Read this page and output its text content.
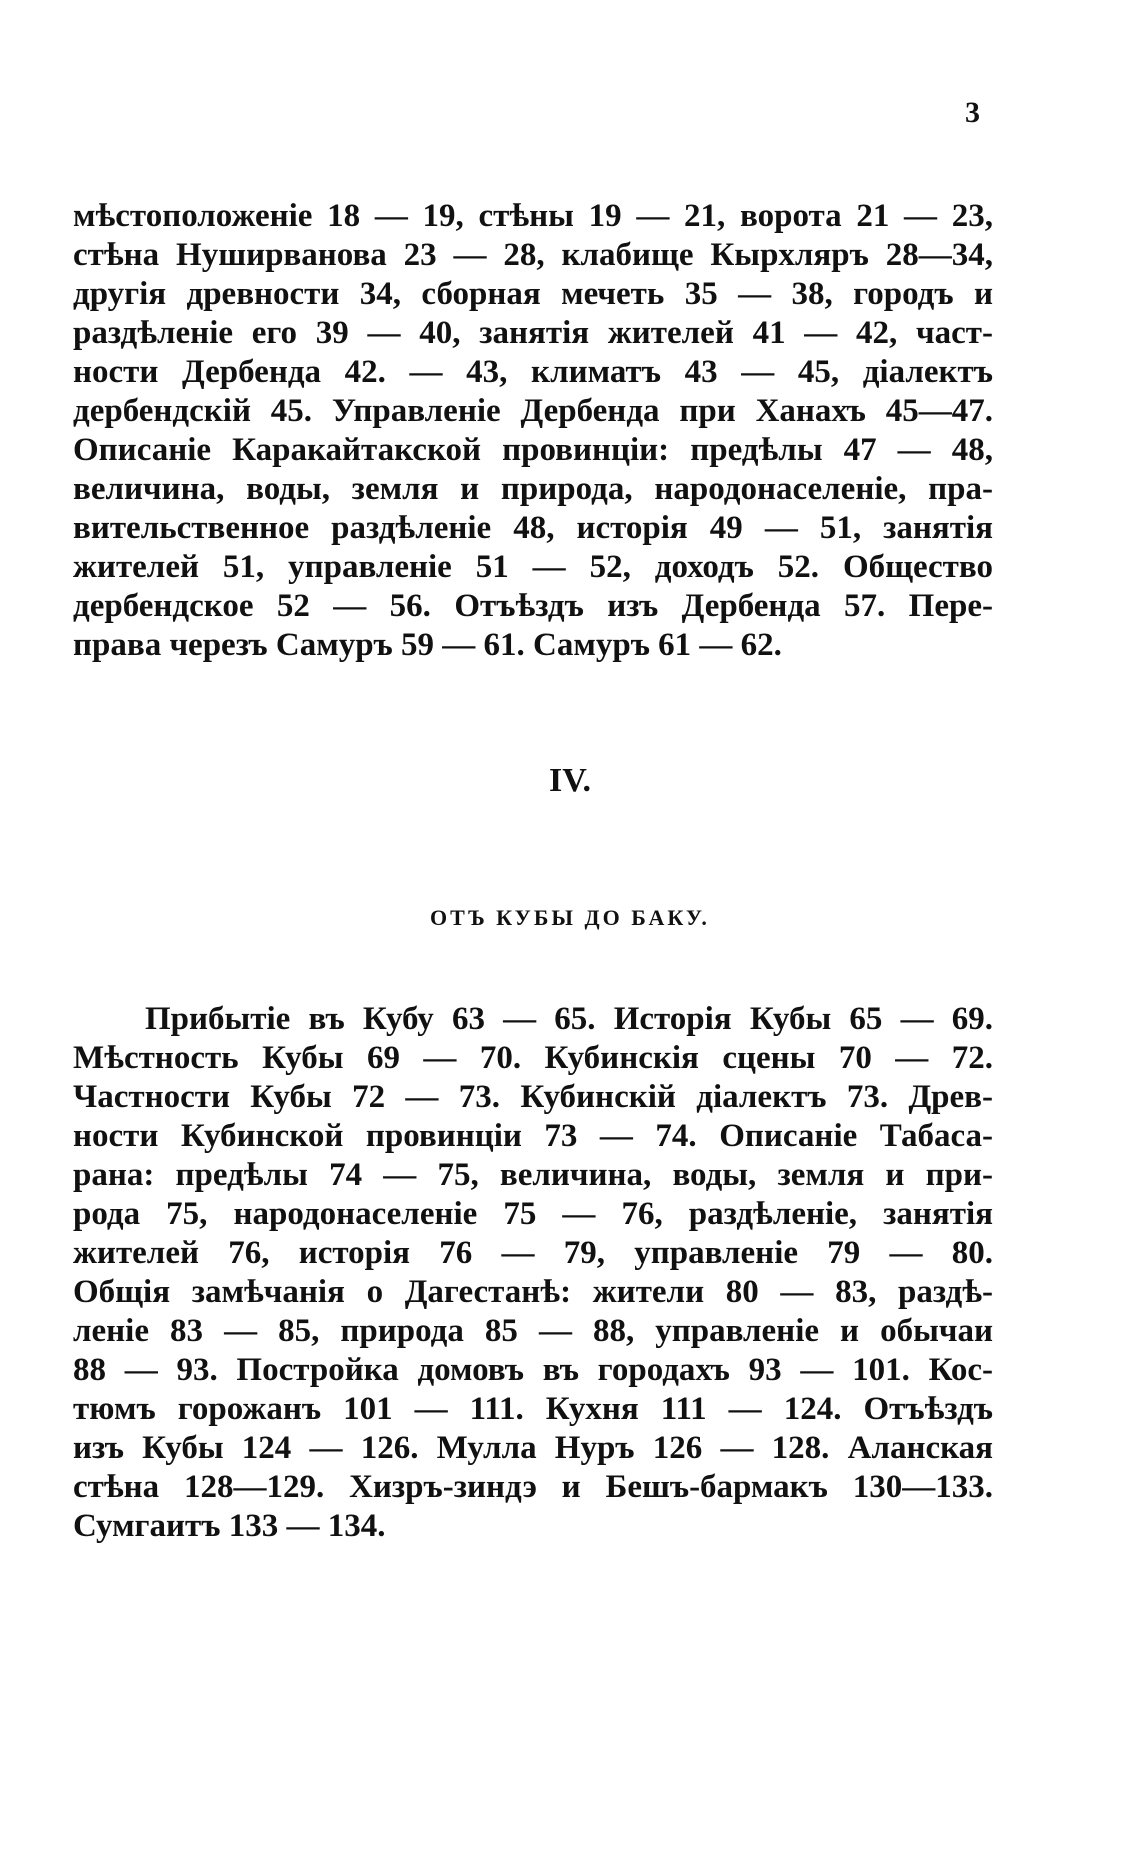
3
мѣстоположеніе 18 — 19, стѣны 19 — 21, ворота 21 — 23,
стѣна Нуширванова 23 — 28, клабище Кырхляръ 28—34,
другія древности 34, сборная мечеть 35 — 38, городъ и
раздѣленіе его 39 — 40, занятія жителей 41 — 42, част-
ности Дербенда 42. — 43, климатъ 43 — 45, діалектъ
дербендскій 45. Управленіе Дербенда при Ханахъ 45—47.
Описаніе Каракайтакской провинціи: предѣлы 47 — 48,
величина, воды, земля и природа, народонаселеніе, пра-
вительственное раздѣленіе 48, исторія 49 — 51, занятія
жителей 51, управленіе 51 — 52, доходъ 52. Общество
дербендское 52 — 56. Отъѣздъ изъ Дербенда 57. Пере-
права черезъ Самуръ 59 — 61. Самуръ 61 — 62.
IV.
ОТЪ КУБЫ ДО БАКУ.
Прибытіе въ Кубу 63 — 65. Исторія Кубы 65 — 69.
Мѣстность Кубы 69 — 70. Кубинскія сцены 70 — 72.
Частности Кубы 72 — 73. Кубинскій діалектъ 73. Древ-
ности Кубинской провинціи 73 — 74. Описаніе Табаса-
рана: предѣлы 74 — 75, величина, воды, земля и при-
рода 75, народонаселеніе 75 — 76, раздѣленіе, занятія
жителей 76, исторія 76 — 79, управленіе 79 — 80.
Общія замѣчанія о Дагестанѣ: жители 80 — 83, раздѣ-
леніе 83 — 85, природа 85 — 88, управленіе и обычаи
88 — 93. Постройка домовъ въ городахъ 93 — 101. Кос-
тюмъ горожанъ 101 — 111. Кухня 111 — 124. Отъѣздъ
изъ Кубы 124 — 126. Мулла Нуръ 126 — 128. Аланская
стѣна 128—129. Хизръ-зиндэ и Бешъ-бармакъ 130—133.
Сумгаитъ 133 — 134.
